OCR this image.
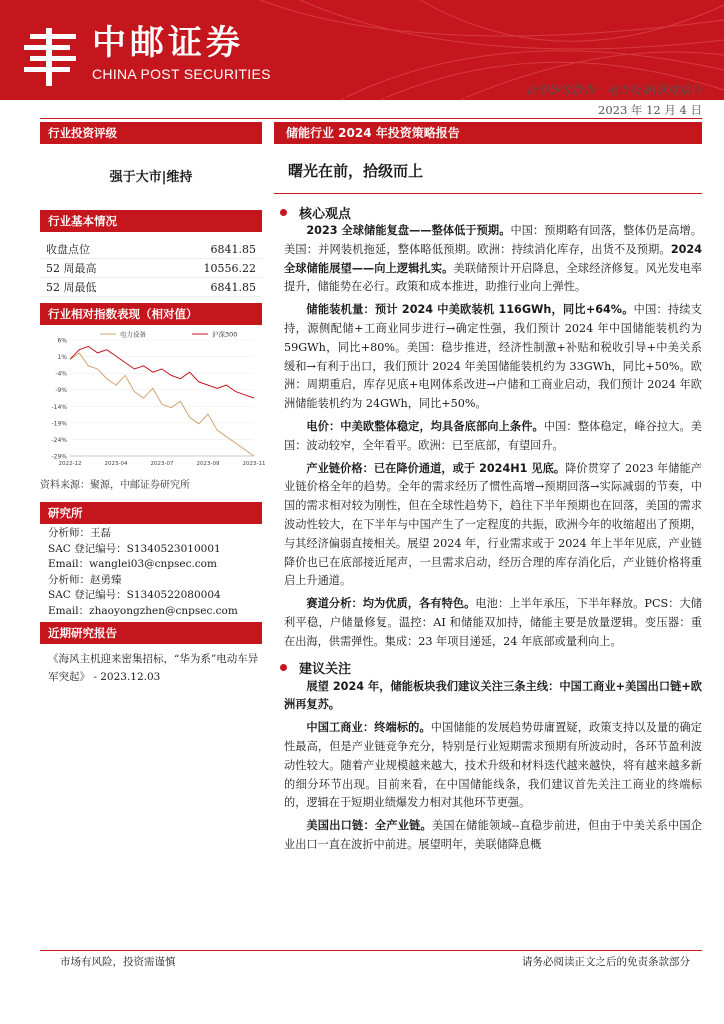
中邮证券
CHINA POST SECURITIES
证券研究报告：电力设备|深度报告
2023 年 12 月 4 日
行业投资评级
强于大市|维持
行业基本情况
收盘点位	6841.85
52 周最高	10556.22
52 周最低	6841.85
行业相对指数表现（相对值）
6%
1%
-4%
-9%
-14%
-19%
-24%
-29%
2022-12	2023-04	2023-07	2023-09	2023-11
电力设备	沪深300
资料来源：聚源，中邮证券研究所
研究所
分析师：王磊
SAC 登记编号：S1340523010001
Email：wanglei03@cnpsec.com
分析师：赵勇臻
SAC 登记编号：S1340522080004
Email：zhaoyongzhen@cnpsec.com
近期研究报告
《海风主机迎来密集招标，“华为系”电动车异军突起》 - 2023.12.03
储能行业 2024 年投资策略报告
曙光在前，拾级而上
核心观点

2023 全球储能复盘——整体低于预期。中国：预期略有回落，整体仍是高增。美国：并网装机拖延，整体略低预期。欧洲：持续消化库存，出货不及预期。2024 全球储能展望——向上逻辑扎实。美联储预计开启降息，全球经济修复。风光发电率提升，储能势在必行。政策和成本推进，助推行业向上弹性。

储能装机量：预计 2024 中美欧装机 116GWh，同比+64%。中国：持续支持，源侧配储+工商业同步进行→确定性强，我们预计 2024 年中国储能装机约为 59GWh，同比+80%。美国：稳步推进，经济性制激+补贴和税收引导+中美关系缓和→有利于出口，我们预计 2024 年美国储能装机约为 33GWh，同比+50%。欧洲：周期重启，库存见底+电网体系改进→户储和工商业启动，我们预计 2024 年欧洲储能装机约为 24GWh，同比+50%。

电价：中美欧整体稳定，均具备底部向上条件。中国：整体稳定，峰谷拉大。美国：波动较窄，全年看平。欧洲：已至底部，有望回升。

产业链价格：已在降价通道，或于 2024H1 见底。降价贯穿了 2023 年储能产业链价格全年的趋势。全年的需求经历了惯性高增→预期回落→实际减弱的节奏，中国的需求相对较为刚性，但在全球性趋势下，趋往下半年预期也在回落，美国的需求波动性较大，在下半年与中国产生了一定程度的共振，欧洲今年的收缩超出了预期，与其经济偏弱直接相关。展望 2024 年，行业需求或于 2024 年上半年见底，产业链降价也已在底部接近尾声，一旦需求启动，经历合理的库存消化后，产业链价格将重启上升通道。

赛道分析：均为优质，各有特色。电池：上半年承压，下半年释放。PCS：大储利平稳，户储量修复。温控：AI 和储能双加持，储能主要是放量逻辑。变压器：重在出海，供需弹性。集成：23 年项目递延，24 年底部或量利向上。

建议关注

展望 2024 年，储能板块我们建议关注三条主线：中国工商业+美国出口链+欧洲再复苏。

中国工商业：终端标的。中国储能的发展趋势毋庸置疑，政策支持以及量的确定性最高，但是产业链竞争充分，特别是行业短期需求预期有所波动时，各环节盈利波动性较大。随着产业规模越来越大，技术升级和材料迭代越来越快，将有越来越多新的细分环节出现。目前来看，在中国储能线条，我们建议首先关注工商业的终端标的，逻辑在于短期业绩爆发力相对其他环节更强。

美国出口链：全产业链。美国在储能领域--直稳步前进，但由于中美关系中国企业出口一直在波折中前进。展望明年，美联储降息概

市场有风险，投资需谨慎	请务必阅读正文之后的免责条款部分
